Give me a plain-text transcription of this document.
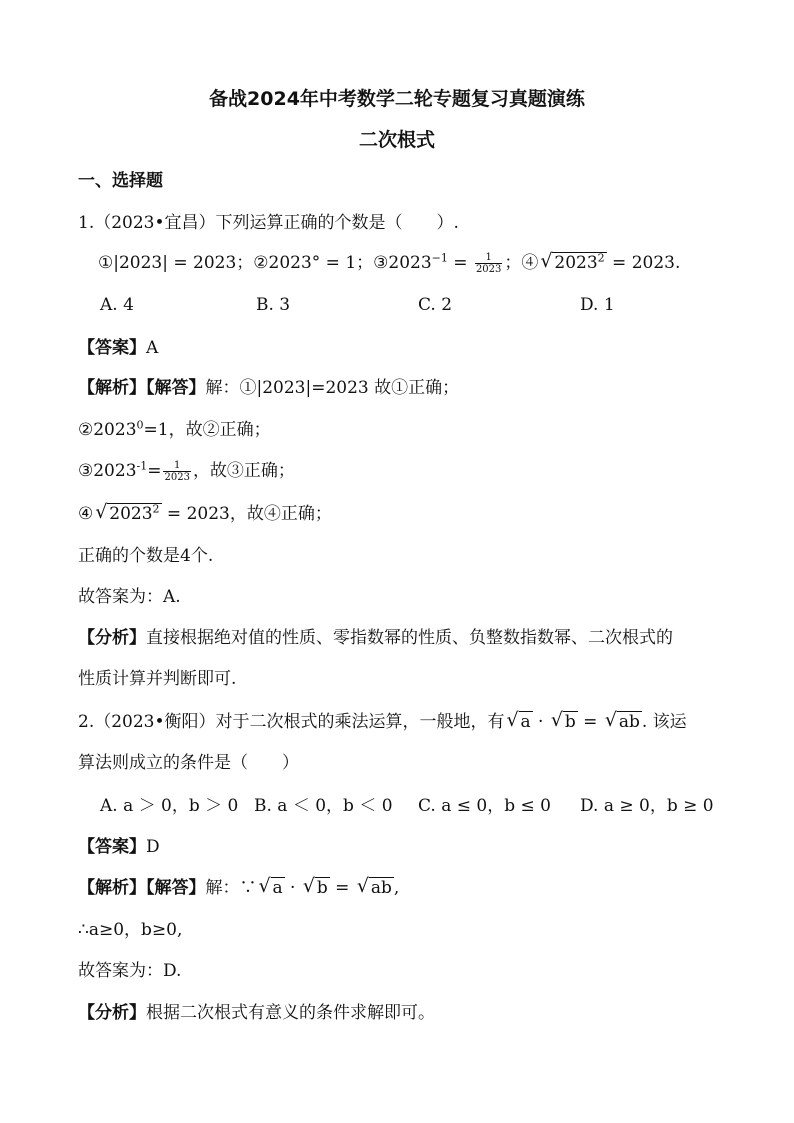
备战2024年中考数学二轮专题复习真题演练
二次根式
一、选择题
1.（2023•宜昌）下列运算正确的个数是（　　）.
①|2023| = 2023；②2023° = 1；$③2023^{-1} = \frac{1}{2023}$ ；④ √ $2023^2 = 2023$.
A. 4	B. 3	C. 2	D. 1
【答案】A
【解析】【解答】解：①|2023|=2023 故①正确；
$②2023^0=1$，故②正确；
$③2023^{-1}= \frac{1}{2023}$ ，故③正确；
④ √ $2023^2 = 2023$，故④正确；
正确的个数是4个.
故答案为：A.
【分析】直接根据绝对值的性质、零指数幂的性质、负整数指数幂、二次根式的
性质计算并判断即可.
2.（2023•衡阳）对于二次根式的乘法运算，一般地，有 √ a · √ b = √ ab . 该运
算法则成立的条件是（　　）
A. a ＞ 0，b ＞ 0 B. a ＜ 0，b ＜ 0 C. a ≤ 0，b ≤ 0 D. a ≥ 0，b ≥ 0
【答案】D
【解析】【解答】解：∵ √ a · √ b = √ ab ,
∴a≥0，b≥0,
故答案为：D.
【分析】根据二次根式有意义的条件求解即可。
